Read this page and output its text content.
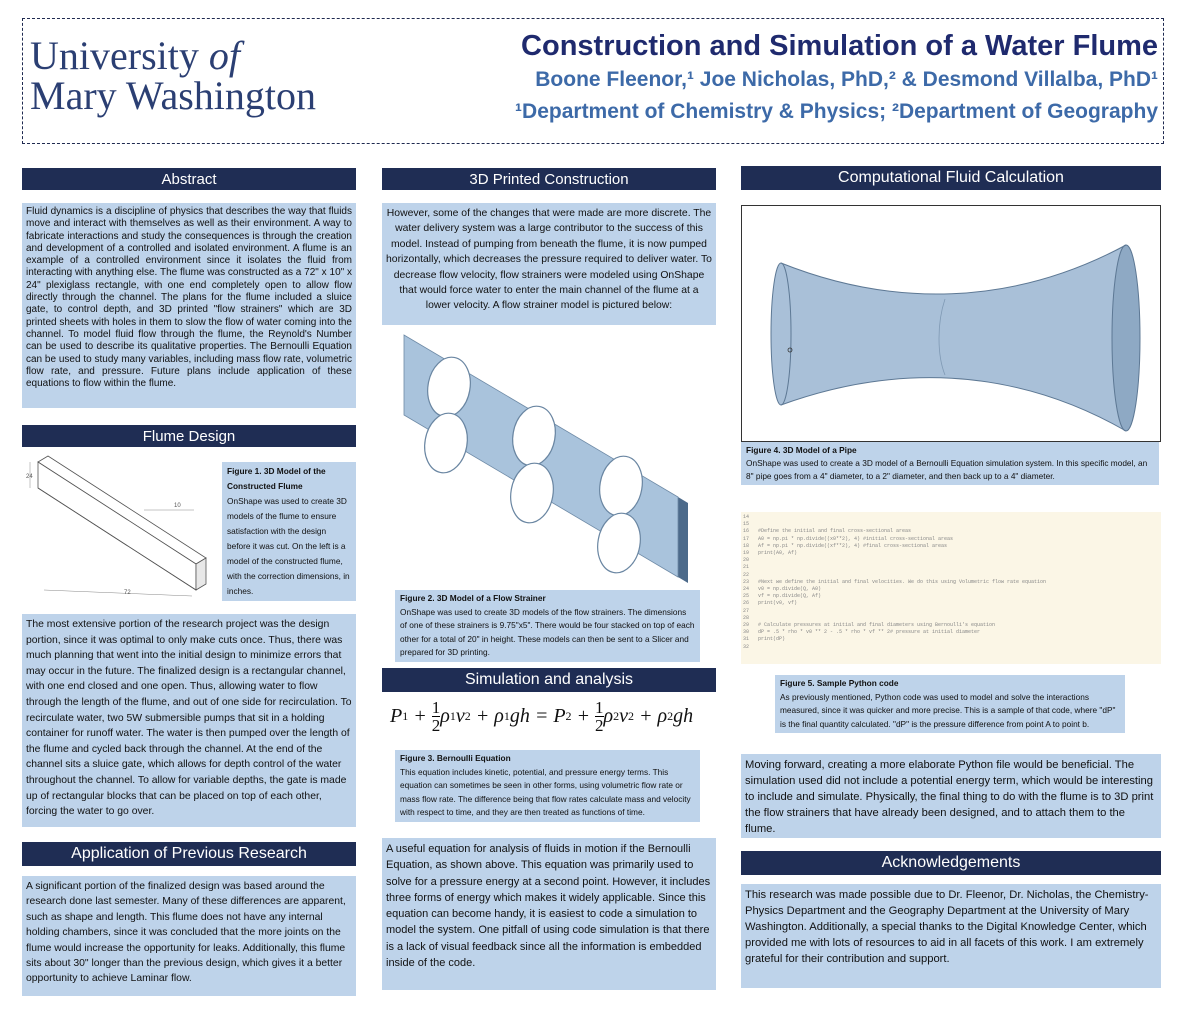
University of
Mary Washington
Construction and Simulation of a Water Flume
Boone Fleenor,¹ Joe Nicholas, PhD,² & Desmond Villalba, PhD¹
¹Department of Chemistry & Physics; ²Department of Geography
Abstract
Fluid dynamics is a discipline of physics that describes the way that fluids move and interact with themselves as well as their environment. A way to fabricate interactions and study the consequences is through the creation and development of a controlled and isolated environment. A flume is an example of a controlled environment since it isolates the fluid from interacting with anything else. The flume was constructed as a 72" x 10" x 24" plexiglass rectangle, with one end completely open to allow flow directly through the channel. The plans for the flume included a sluice gate, to control depth, and 3D printed "flow strainers" which are 3D printed sheets with holes in them to slow the flow of water coming into the channel. To model fluid flow through the flume, the Reynold's Number can be used to describe its qualitative properties. The Bernoulli Equation can be used to study many variables, including mass flow rate, volumetric flow rate, and pressure. Future plans include application of these equations to flow within the flume.
Flume Design
24
10
72
Figure 1. 3D Model of the Constructed Flume
OnShape was used to create 3D models of the flume to ensure satisfaction with the design before it was cut. On the left is a model of the constructed flume, with the correction dimensions, in inches.
The most extensive portion of the research project was the design portion, since it was optimal to only make cuts once. Thus, there was much planning that went into the initial design to minimize errors that may occur in the future. The finalized design is a rectangular channel, with one end closed and one open. Thus, allowing water to flow through the length of the flume, and out of one side for recirculation. To recirculate water, two 5W submersible pumps that sit in a holding container for runoff water. The water is then pumped over the length of the flume and cycled back through the channel. At the end of the channel sits a sluice gate, which allows for depth control of the water throughout the channel. To allow for variable depths, the gate is made up of rectangular blocks that can be placed on top of each other, forcing the water to go over.
Application of Previous Research
A significant portion of the finalized design was based around the research done last semester. Many of these differences are apparent, such as shape and length. This flume does not have any internal holding chambers, since it was concluded that the more joints on the flume would increase the opportunity for leaks. Additionally, this flume sits about 30" longer than the previous design, which gives it a better opportunity to achieve Laminar flow.
3D Printed Construction
However, some of the changes that were made are more discrete. The water delivery system was a large contributor to the success of this model. Instead of pumping from beneath the flume, it is now pumped horizontally, which decreases the pressure required to deliver water. To decrease flow velocity, flow strainers were modeled using OnShape that would force water to enter the main channel of the flume at a lower velocity. A flow strainer model is pictured below:
Figure 2. 3D Model of a Flow Strainer
OnShape was used to create 3D models of the flow strainers. The dimensions of one of these strainers is 9.75"x5". There would be four stacked on top of each other for a total of 20" in height. These models can then be sent to a Slicer and prepared for 3D printing.
Simulation and analysis
P 1 + 1
2 ρ 1 v 2 + ρ 1 gh = P 2 + 1
2 ρ 2 v 2 + ρ 2 gh
Figure 3. Bernoulli Equation
This equation includes kinetic, potential, and pressure energy terms. This equation can sometimes be seen in other forms, using volumetric flow rate or mass flow rate. The difference being that flow rates calculate mass and velocity with respect to time, and they are then treated as functions of time.
A useful equation for analysis of fluids in motion if the Bernoulli Equation, as shown above. This equation was primarily used to solve for a pressure energy at a second point. However, it includes three forms of energy which makes it widely applicable. Since this equation can become handy, it is easiest to code a simulation to model the system. One pitfall of using code simulation is that there is a lack of visual feedback since all the information is embedded inside of the code.
Computational Fluid Calculation
Figure 4. 3D Model of a Pipe
OnShape was used to create a 3D model of a Bernoulli Equation simulation system. In this specific model, an 8" pipe goes from a 4" diameter, to a 2" diameter, and then back up to a 4" diameter.
14
15
16   #Define the initial and final cross-sectional areas
17   A0 = np.pi * np.divide((x0**2), 4) #initial cross-sectional areas
18   Af = np.pi * np.divide((xf**2), 4) #final cross-sectional areas
19   print(A0, Af)
20
21
22
23   #Next we define the initial and final velocities. We do this using Volumetric flow rate equation
24   v0 = np.divide(Q, A0)
25   vf = np.divide(Q, Af)
26   print(v0, vf)
27
28
29   # Calculate pressures at initial and final diameters using Bernoulli's equation
30   dP = .5 * rho * v0 ** 2 - .5 * rho * vf ** 2# pressure at initial diameter
31   print(dP)
32
Figure 5. Sample Python code
As previously mentioned, Python code was used to model and solve the interactions measured, since it was quicker and more precise. This is a sample of that code, where "dP" is the final quantity calculated. "dP" is the pressure difference from point A to point b.
Moving forward, creating a more elaborate Python file would be beneficial. The simulation used did not include a potential energy term, which would be interesting to include and simulate. Physically, the final thing to do with the flume is to 3D print the flow strainers that have already been designed, and to attach them to the flume.
Acknowledgements
This research was made possible due to Dr. Fleenor, Dr. Nicholas, the Chemistry-Physics Department and the Geography Department at the University of Mary Washington. Additionally, a special thanks to the Digital Knowledge Center, which provided me with lots of resources to aid in all facets of this work. I am extremely grateful for their contribution and support.
